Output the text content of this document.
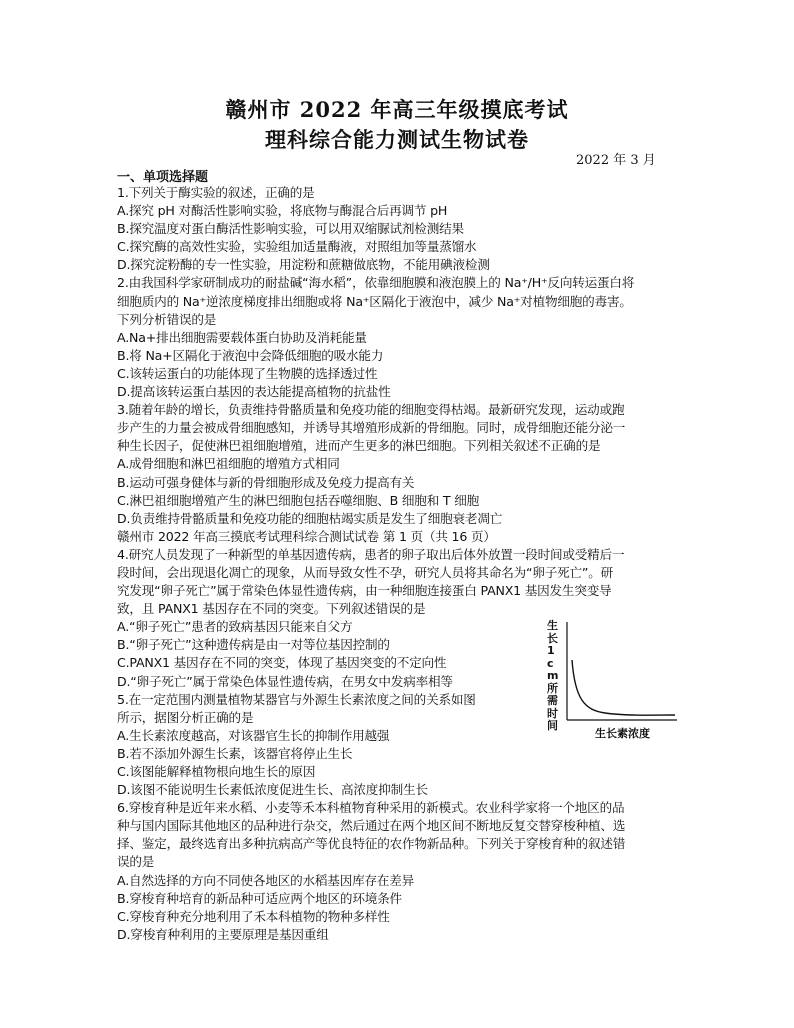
赣州市 2022 年高三年级摸底考试
理科综合能力测试生物试卷
2022 年 3 月
一、单项选择题
1.下列关于酶实验的叙述，正确的是
A.探究 pH 对酶活性影响实验，将底物与酶混合后再调节 pH
B.探究温度对蛋白酶活性影响实验，可以用双缩脲试剂检测结果
C.探究酶的高效性实验，实验组加适量酶液，对照组加等量蒸馏水
D.探究淀粉酶的专一性实验，用淀粉和蔗糖做底物，不能用碘液检测
2.由我国科学家研制成功的耐盐碱“海水稻”，依靠细胞膜和液泡膜上的 Na⁺/H⁺反向转运蛋白将
细胞质内的 Na⁺逆浓度梯度排出细胞或将 Na⁺区隔化于液泡中，减少 Na⁺对植物细胞的毒害。
下列分析错误的是
A.Na+排出细胞需要载体蛋白协助及消耗能量
B.将 Na+区隔化于液泡中会降低细胞的吸水能力
C.该转运蛋白的功能体现了生物膜的选择透过性
D.提高该转运蛋白基因的表达能提高植物的抗盐性
3.随着年龄的增长，负责维持骨骼质量和免疫功能的细胞变得枯竭。最新研究发现，运动或跑
步产生的力量会被成骨细胞感知，并诱导其增殖形成新的骨细胞。同时，成骨细胞还能分泌一
种生长因子，促使淋巴祖细胞增殖，进而产生更多的淋巴细胞。下列相关叙述不正确的是
A.成骨细胞和淋巴祖细胞的增殖方式相同
B.运动可强身健体与新的骨细胞形成及免疫力提高有关
C.淋巴祖细胞增殖产生的淋巴细胞包括吞噬细胞、B 细胞和 T 细胞
D.负责维持骨骼质量和免疫功能的细胞枯竭实质是发生了细胞衰老凋亡
赣州市 2022 年高三摸底考试理科综合测试试卷 第 1 页（共 16 页）
4.研究人员发现了一种新型的单基因遗传病，患者的卵子取出后体外放置一段时间或受精后一
段时间，会出现退化凋亡的现象，从而导致女性不孕，研究人员将其命名为“卵子死亡”。研
究发现“卵子死亡”属于常染色体显性遗传病，由一种细胞连接蛋白 PANX1 基因发生突变导
致，且 PANX1 基因存在不同的突变。下列叙述错误的是
A.“卵子死亡”患者的致病基因只能来自父方
B.“卵子死亡”这种遗传病是由一对等位基因控制的
C.PANX1 基因存在不同的突变，体现了基因突变的不定向性
D.“卵子死亡”属于常染色体显性遗传病，在男女中发病率相等
5.在一定范围内测量植物某器官与外源生长素浓度之间的关系如图
所示，据图分析正确的是
A.生长素浓度越高，对该器官生长的抑制作用越强
B.若不添加外源生长素，该器官将停止生长
C.该图能解释植物根向地生长的原因
D.该图不能说明生长素低浓度促进生长、高浓度抑制生长
6.穿梭育种是近年来水稻、小麦等禾本科植物育种采用的新模式。农业科学家将一个地区的品
种与国内国际其他地区的品种进行杂交，然后通过在两个地区间不断地反复交替穿梭种植、选
择、鉴定，最终选育出多种抗病高产等优良特征的农作物新品种。下列关于穿梭育种的叙述错
误的是
A.自然选择的方向不同使各地区的水稻基因库存在差异
B.穿梭育种培育的新品种可适应两个地区的环境条件
C.穿梭育种充分地利用了禾本科植物的物种多样性
D.穿梭育种利用的主要原理是基因重组
生长1cm所需时间
生长素浓度
